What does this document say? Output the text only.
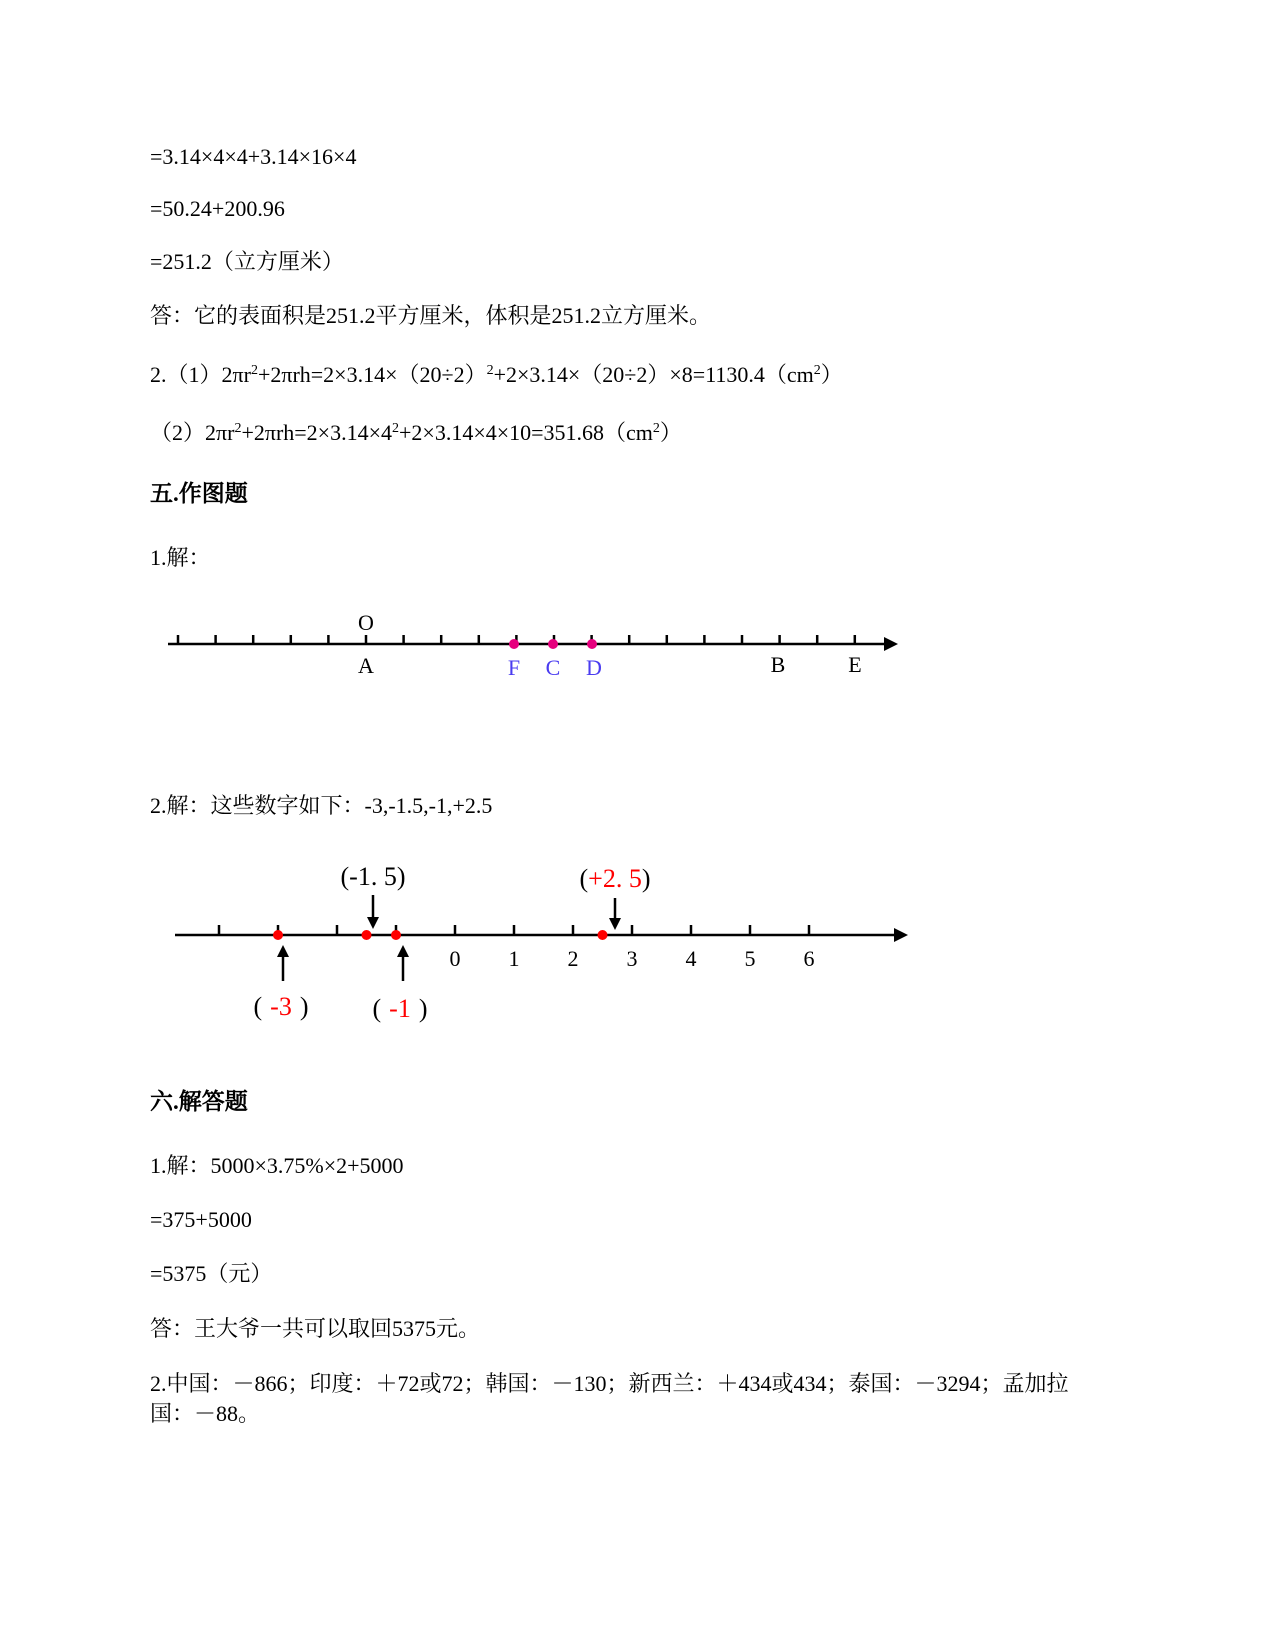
=3.14×4×4+3.14×16×4
=50.24+200.96
=251.2（立方厘米）
答：它的表面积是251.2平方厘米，体积是251.2立方厘米。
$2.(1)2\pi r^2+2\pi rh=2\times 3.14\times(20\div 2)^2+2\times 3.14\times(20\div 2)\times 8=1130.4(cm^2)$
$(2)2\pi r^2+2\pi rh=2\times 3.14\times 4^2+2\times 3.14\times 4\times 10=351.68(cm^2)$
五.作图题
1.解：
O
A	B	E
F C D
2.解：这些数字如下：-3,-1.5,-1,+2.5
0 1 2 3 4 5 6
(-1. 5)	(+2. 5)
( -3 ) ( -1 )
六.解答题
1.解：5000×3.75%×2+5000
=375+5000
=5375（元）
答：王大爷一共可以取回5375元。
2.中国：－866；印度：＋72或72；韩国：－130；新西兰：＋434或434；泰国：－3294；孟加拉国：－88。
